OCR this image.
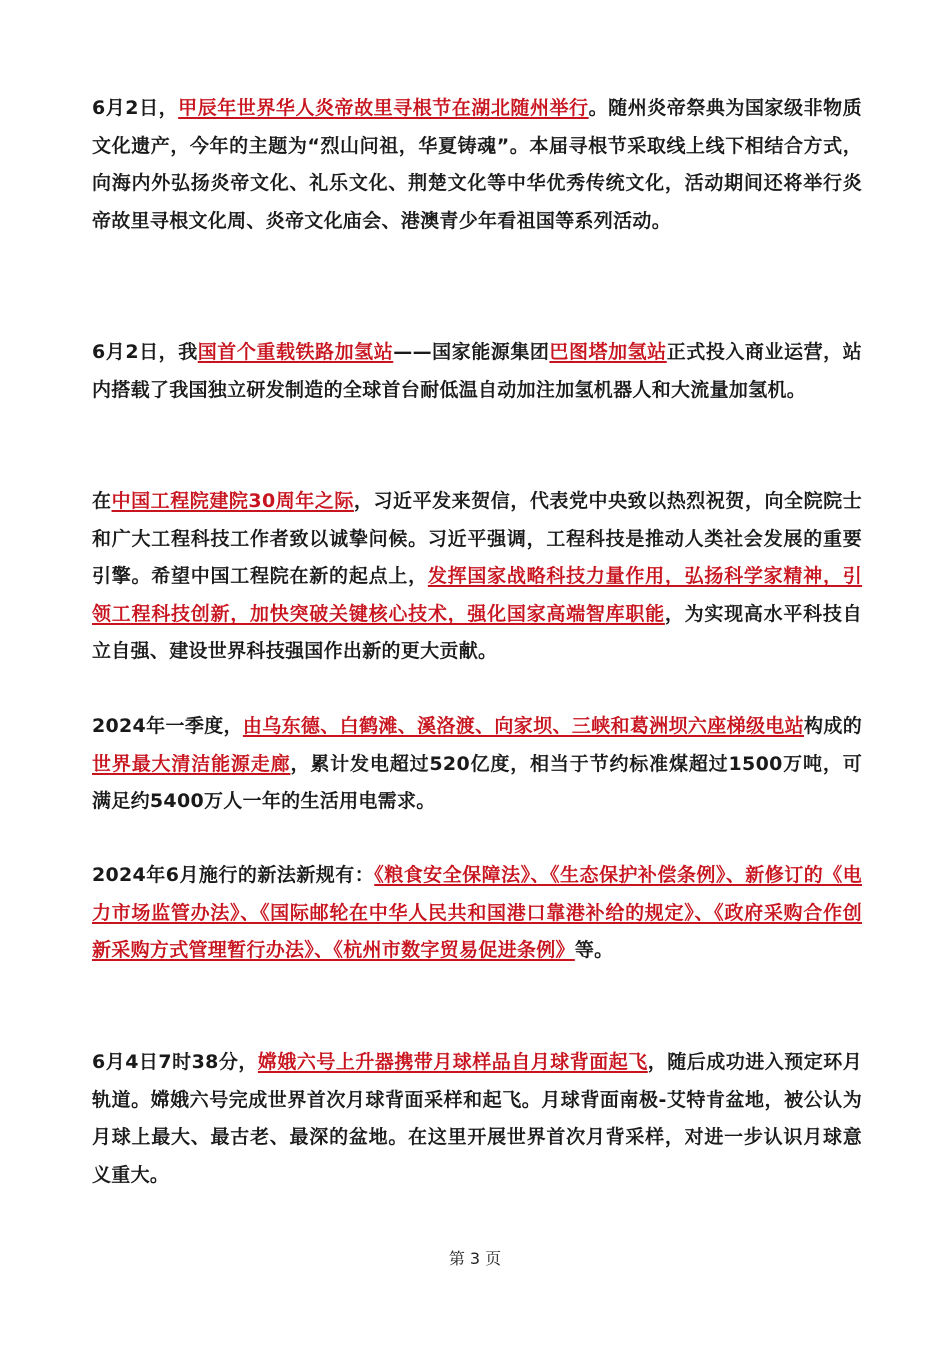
6月2日，甲辰年世界华人炎帝故里寻根节在湖北随州举行。随州炎帝祭典为国家级非物质文化遗产，今年的主题为“烈山问祖，华夏铸魂”。本届寻根节采取线上线下相结合方式，向海内外弘扬炎帝文化、礼乐文化、荆楚文化等中华优秀传统文化，活动期间还将举行炎帝故里寻根文化周、炎帝文化庙会、港澳青少年看祖国等系列活动。

6月2日，我国首个重载铁路加氢站——国家能源集团巴图塔加氢站正式投入商业运营，站内搭载了我国独立研发制造的全球首台耐低温自动加注加氢机器人和大流量加氢机。

在中国工程院建院30周年之际，习近平发来贺信，代表党中央致以热烈祝贺，向全院院士和广大工程科技工作者致以诚挚问候。习近平强调，工程科技是推动人类社会发展的重要引擎。希望中国工程院在新的起点上，发挥国家战略科技力量作用，弘扬科学家精神，引领工程科技创新，加快突破关键核心技术，强化国家高端智库职能，为实现高水平科技自立自强、建设世界科技强国作出新的更大贡献。

2024年一季度，由乌东德、白鹤滩、溪洛渡、向家坝、三峡和葛洲坝六座梯级电站构成的世界最大清洁能源走廊，累计发电超过520亿度，相当于节约标准煤超过1500万吨，可满足约5400万人一年的生活用电需求。

2024年6月施行的新法新规有：《粮食安全保障法》、《生态保护补偿条例》、新修订的《电力市场监管办法》、《国际邮轮在中华人民共和国港口靠港补给的规定》、《政府采购合作创新采购方式管理暂行办法》、《杭州市数字贸易促进条例》等。

6月4日7时38分，嫦娥六号上升器携带月球样品自月球背面起飞，随后成功进入预定环月轨道。嫦娥六号完成世界首次月球背面采样和起飞。月球背面南极-艾特肯盆地，被公认为月球上最大、最古老、最深的盆地。在这里开展世界首次月背采样，对进一步认识月球意义重大。

第 3 页
